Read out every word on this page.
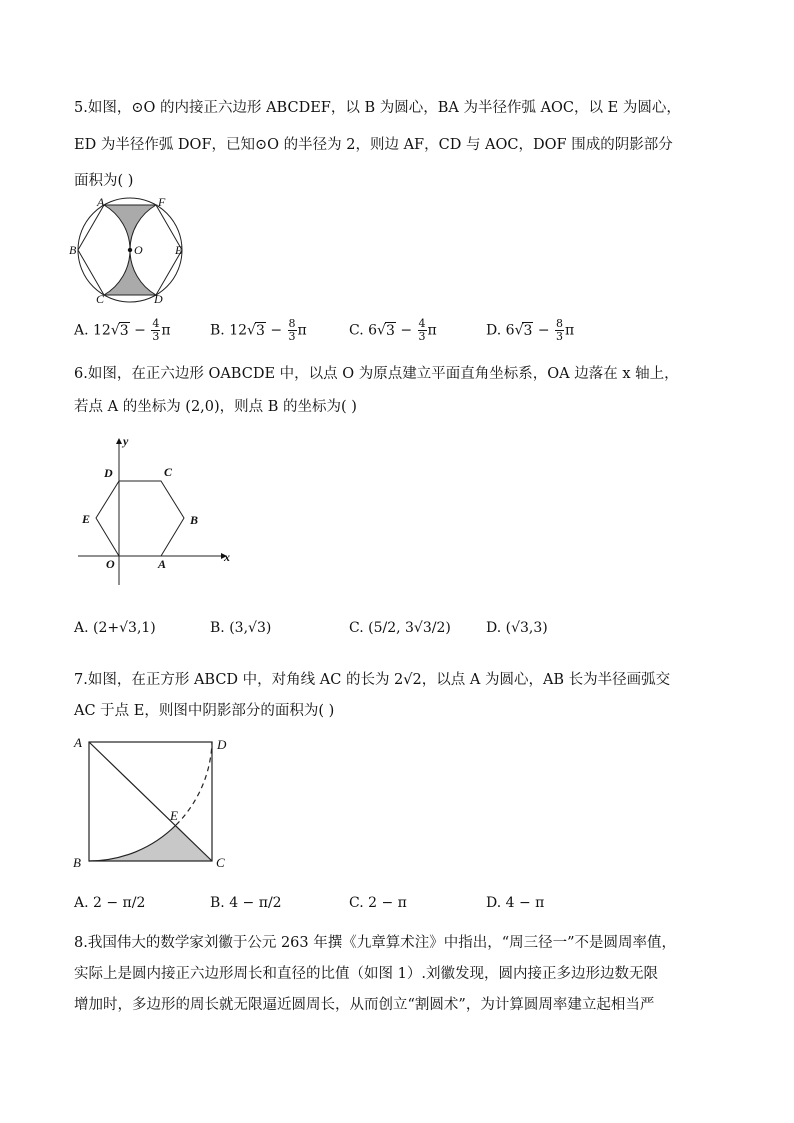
5.如图，⊙O 的内接正六边形 ABCDEF，以 B 为圆心，BA 为半径作弧 AOC，以 E 为圆心，
ED 为半径作弧 DOF，已知⊙O 的半径为 2，则边 AF，CD 与 AOC，DOF 围成的阴影部分
面积为( )
A	F
B	O	E
C	D
A. $12√3 - \frac{4}{3}$ π	B. $12√3 - \frac{8}{3}$ π	C. $6√3 - \frac{4}{3}$ π	D. $6√3 - \frac{8}{3}$ π
6.如图，在正六边形 OABCDE 中，以点 O 为原点建立平面直角坐标系，OA 边落在 x 轴上，
若点 A 的坐标为 (2,0)，则点 B 的坐标为( )
y
D	C
E	B
O	A	x
A. (2+√3,1)	B. (3,√3)	C. (5/2, 3√3/2)	D. (√3,3)
7.如图，在正方形 ABCD 中，对角线 AC 的长为 2√2，以点 A 为圆心，AB 长为半径画弧交
AC 于点 E，则图中阴影部分的面积为( )
A	D
E
B	C
A. 2 − π/2	B. 4 − π/2	C. 2 − π	D. 4 − π
8.我国伟大的数学家刘徽于公元 263 年撰《九章算术注》中指出，“周三径一”不是圆周率值，
实际上是圆内接正六边形周长和直径的比值（如图 1）.刘徽发现，圆内接正多边形边数无限
增加时，多边形的周长就无限逼近圆周长，从而创立“割圆术”，为计算圆周率建立起相当严
